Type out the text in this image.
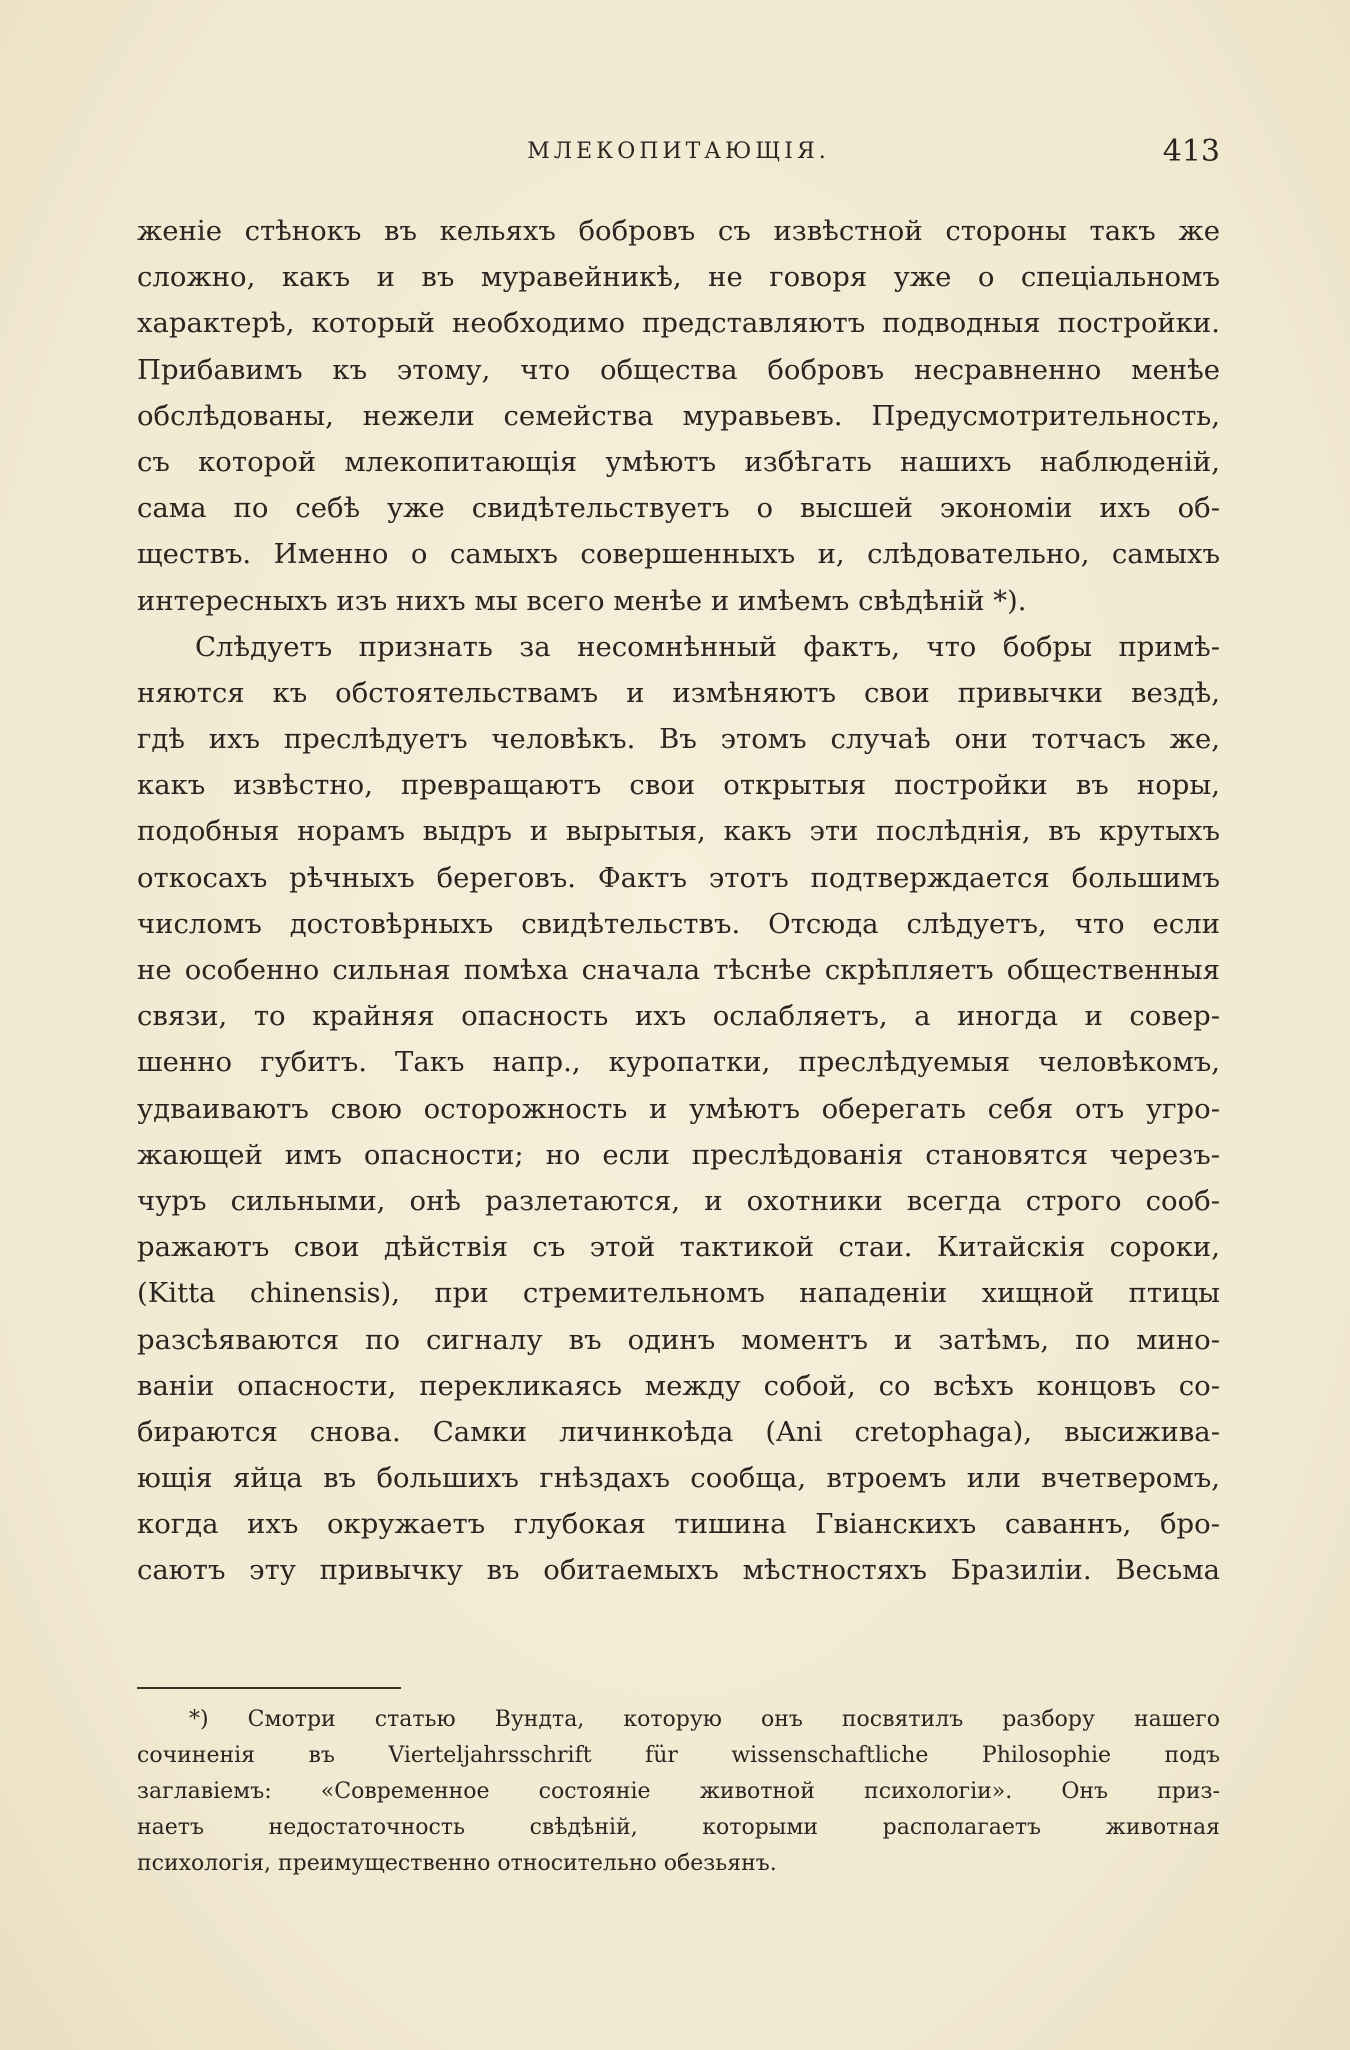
МЛЕКОПИТАЮЩІЯ.	413
женіе стѣнокъ въ кельяхъ бобровъ съ извѣстной стороны такъ же
сложно, какъ и въ муравейникѣ, не говоря уже о спеціальномъ
характерѣ, который необходимо представляютъ подводныя постройки.
Прибавимъ къ этому, что общества бобровъ несравненно менѣе
обслѣдованы, нежели семейства муравьевъ. Предусмотрительность,
съ которой млекопитающія умѣютъ избѣгать нашихъ наблюденій,
сама по себѣ уже свидѣтельствуетъ о высшей экономіи ихъ об-
ществъ. Именно о самыхъ совершенныхъ и, слѣдовательно, самыхъ
интересныхъ изъ нихъ мы всего менѣе и имѣемъ свѣдѣній *).
Слѣдуетъ признать за несомнѣнный фактъ, что бобры примѣ-
няются къ обстоятельствамъ и измѣняютъ свои привычки вездѣ,
гдѣ ихъ преслѣдуетъ человѣкъ. Въ этомъ случаѣ они тотчасъ же,
какъ извѣстно, превращаютъ свои открытыя постройки въ норы,
подобныя норамъ выдръ и вырытыя, какъ эти послѣднія, въ крутыхъ
откосахъ рѣчныхъ береговъ. Фактъ этотъ подтверждается большимъ
числомъ достовѣрныхъ свидѣтельствъ. Отсюда слѣдуетъ, что если
не особенно сильная помѣха сначала тѣснѣе скрѣпляетъ общественныя
связи, то крайняя опасность ихъ ослабляетъ, а иногда и совер-
шенно губитъ. Такъ напр., куропатки, преслѣдуемыя человѣкомъ,
удваиваютъ свою осторожность и умѣютъ оберегать себя отъ угро-
жающей имъ опасности; но если преслѣдованія становятся черезъ-
чуръ сильными, онѣ разлетаются, и охотники всегда строго сооб-
ражаютъ свои дѣйствія съ этой тактикой стаи. Китайскія сороки,
(Kitta chinensis), при стремительномъ нападеніи хищной птицы
разсѣяваются по сигналу въ одинъ моментъ и затѣмъ, по мино-
ваніи опасности, перекликаясь между собой, со всѣхъ концовъ со-
бираются снова. Самки личинкоѣда (Ani cretophaga), высижива-
ющія яйца въ большихъ гнѣздахъ сообща, втроемъ или вчетверомъ,
когда ихъ окружаетъ глубокая тишина Гвіанскихъ саваннъ, бро-
саютъ эту привычку въ обитаемыхъ мѣстностяхъ Бразиліи. Весьма
*) Смотри статью Вундта, которую онъ посвятилъ разбору нашего
сочиненія въ Vierteljahrsschrift für wissenschaftliche Philosophie подъ
заглавіемъ: «Современное состояніе животной психологіи». Онъ приз-
наетъ недостаточность свѣдѣній, которыми располагаетъ животная
психологія, преимущественно относительно обезьянъ.
